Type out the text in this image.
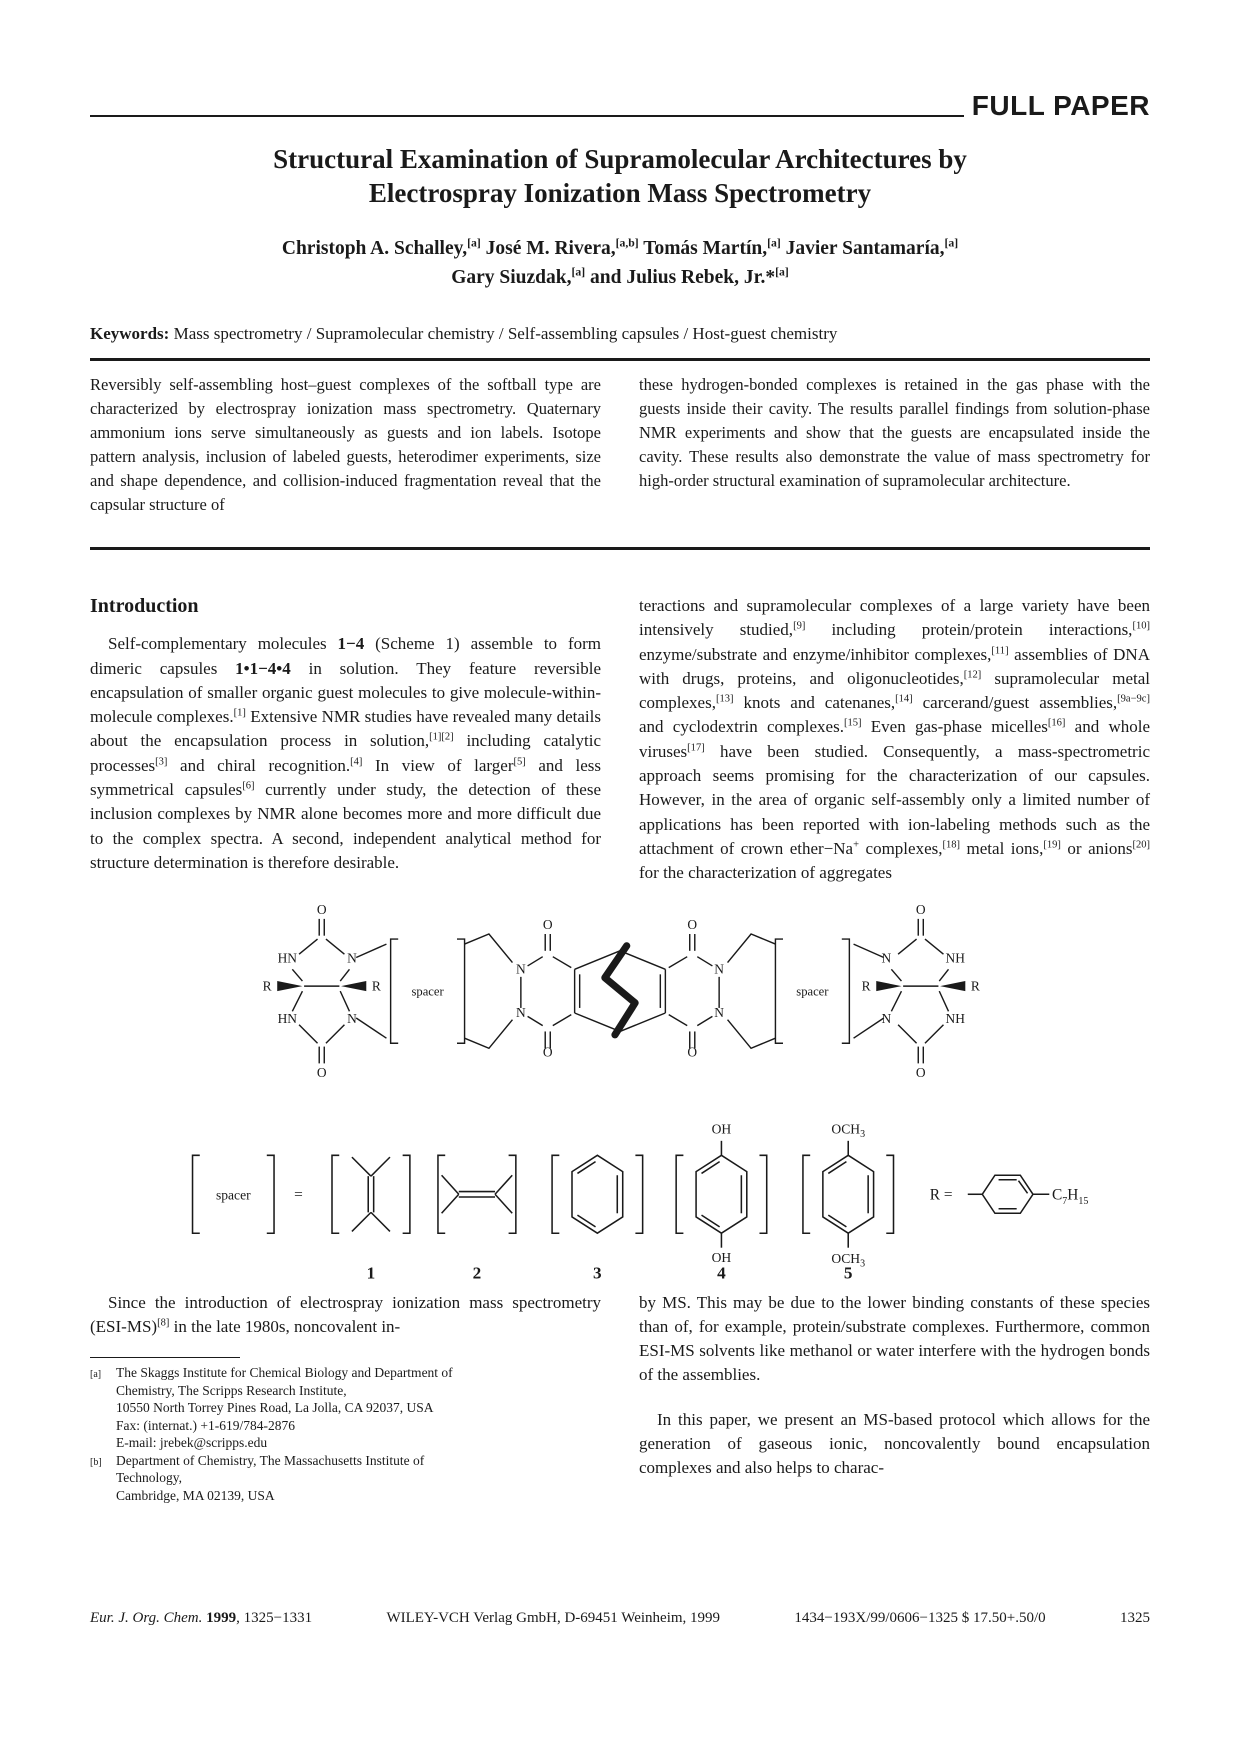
FULL PAPER
Structural Examination of Supramolecular Architectures by
Electrospray Ionization Mass Spectrometry
Christoph A. Schalley,[a] José M. Rivera,[a,b] Tomás Martín,[a] Javier Santamaría,[a]
Gary Siuzdak,[a] and Julius Rebek, Jr.*[a]
Keywords: Mass spectrometry / Supramolecular chemistry / Self-assembling capsules / Host-guest chemistry

Reversibly self-assembling host–guest complexes of the softball type are characterized by electrospray ionization mass spectrometry. Quaternary ammonium ions serve simultaneously as guests and ion labels. Isotope pattern analysis, inclusion of labeled guests, heterodimer experiments, size and shape dependence, and collision-induced fragmentation reveal that the capsular structure of

these hydrogen-bonded complexes is retained in the gas phase with the guests inside their cavity. The results parallel findings from solution-phase NMR experiments and show that the guests are encapsulated inside the cavity. These results also demonstrate the value of mass spectrometry for high-order structural examination of supramolecular architecture.

Introduction

Self-complementary molecules 1−4 (Scheme 1) assemble to form dimeric capsules 1•1−4•4 in solution. They feature reversible encapsulation of smaller organic guest molecules to give molecule-within-molecule complexes.[1] Extensive NMR studies have revealed many details about the encapsulation process in solution,[1][2] including catalytic processes[3] and chiral recognition.[4] In view of larger[5] and less symmetrical capsules[6] currently under study, the detection of these inclusion complexes by NMR alone becomes more and more difficult due to the complex spectra. A second, independent analytical method for structure determination is therefore desirable.

teractions and supramolecular complexes of a large variety have been intensively studied,[9] including protein/protein interactions,[10] enzyme/substrate and enzyme/inhibitor complexes,[11] assemblies of DNA with drugs, proteins, and oligonucleotides,[12] supramolecular metal complexes,[13] knots and catenanes,[14] carcerand/guest assemblies,[9a−9c] and cyclodextrin complexes.[15] Even gas-phase micelles[16] and whole viruses[17] have been studied. Consequently, a mass-spectrometric approach seems promising for the characterization of our capsules. However, in the area of organic self-assembly only a limited number of applications has been reported with ion-labeling methods such as the attachment of crown ether−Na+ complexes,[18] metal ions,[19] or anions[20] for the characterization of aggregates

O
HN	N
HN	N
O
R	R spacer
N
N
O
O
O
O
N
N
spacer
N	NH
N	NH
O
O
R	R
spacer	=
OH
OH
$OCH_3$
$OCH_3$
1	2	3	4	5
R =	$C_7H_{15}$

Since the introduction of electrospray ionization mass spectrometry (ESI-MS)[8] in the late 1980s, noncovalent in-

[a]	The Skaggs Institute for Chemical Biology and Department of
Chemistry, The Scripps Research Institute,
10550 North Torrey Pines Road, La Jolla, CA 92037, USA
Fax: (internat.) +1-619/784-2876
E-mail: jrebek@scripps.edu
[b]	Department of Chemistry, The Massachusetts Institute of
Technology,
Cambridge, MA 02139, USA

by MS. This may be due to the lower binding constants of these species than of, for example, protein/substrate complexes. Furthermore, common ESI-MS solvents like methanol or water interfere with the hydrogen bonds of the assemblies.

In this paper, we present an MS-based protocol which allows for the generation of gaseous ionic, noncovalently bound encapsulation complexes and also helps to charac-

Eur. J. Org. Chem. 1999, 1325−1331	WILEY-VCH Verlag GmbH, D-69451 Weinheim, 1999	1434−193X/99/0606−1325 $ 17.50+.50/0	1325
